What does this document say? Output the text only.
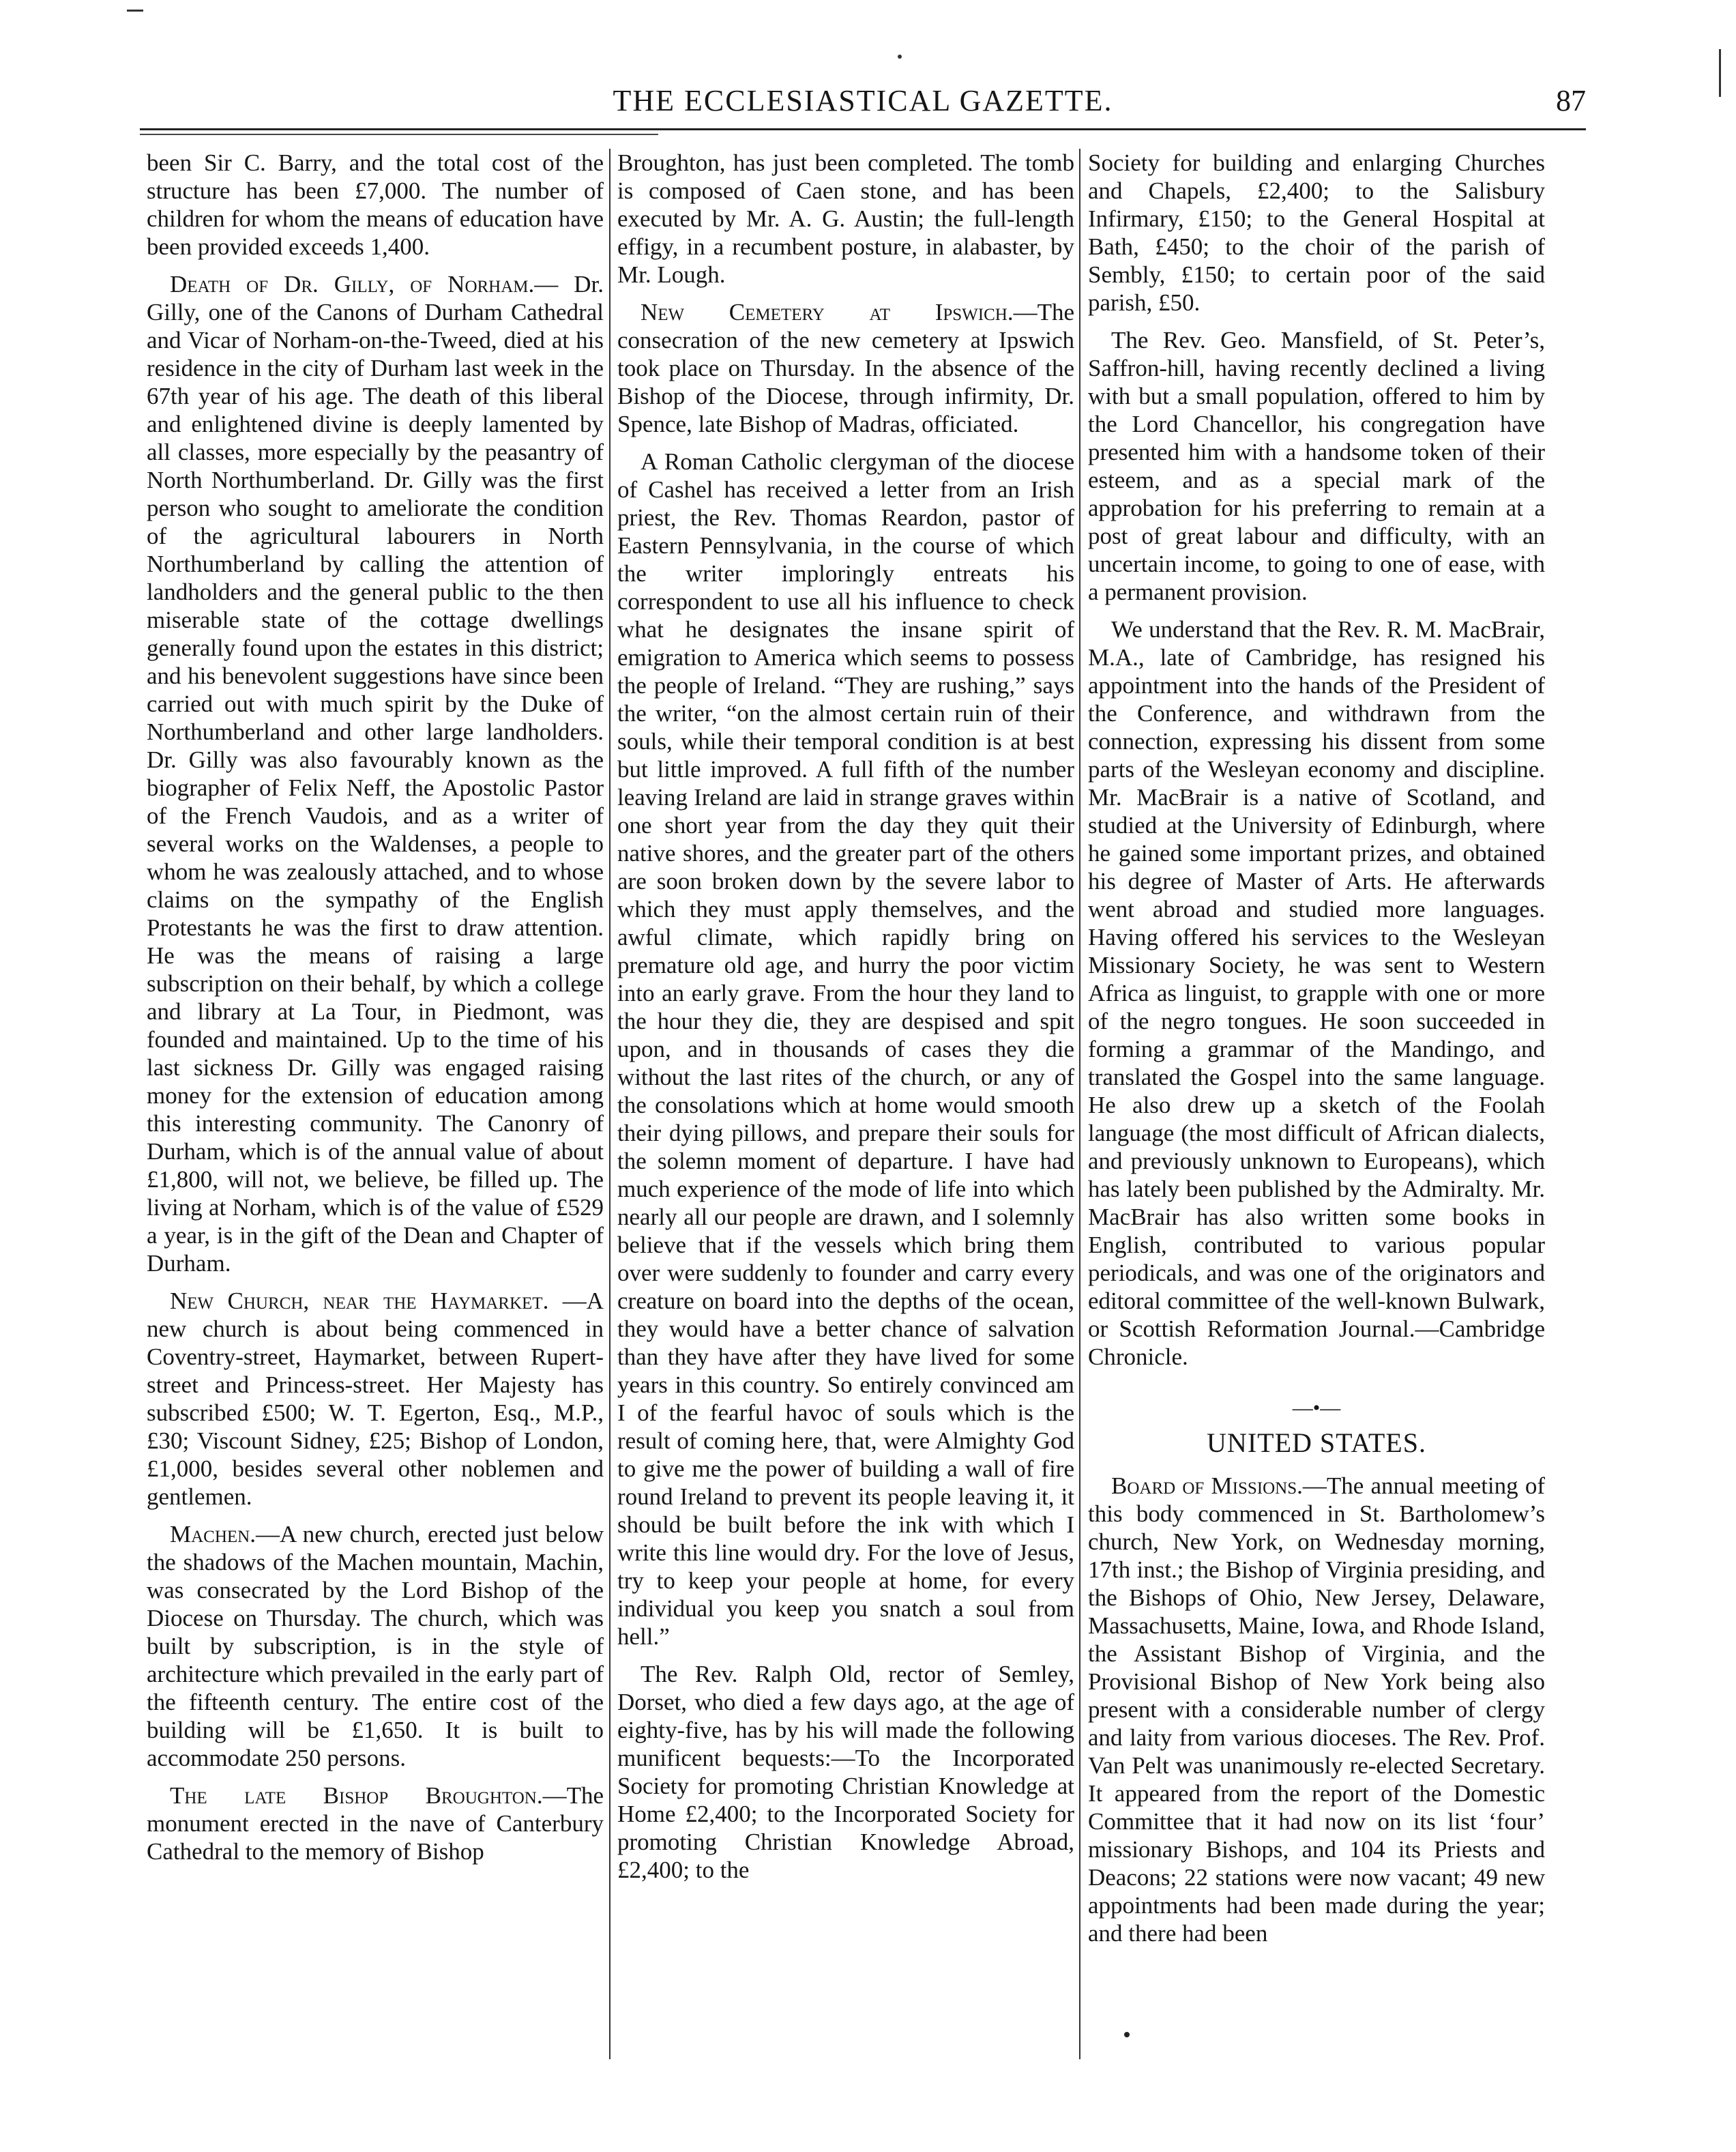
THE ECCLESIASTICAL GAZETTE.	87

been Sir C. Barry, and the total cost of the structure has been £7,000. The number of children for whom the means of education have been provided exceeds 1,400.

Death of Dr. Gilly, of Norham.— Dr. Gilly, one of the Canons of Durham Cathedral and Vicar of Norham-on-the-Tweed, died at his residence in the city of Durham last week in the 67th year of his age. The death of this liberal and enlightened divine is deeply lamented by all classes, more especially by the peasantry of North Northumberland. Dr. Gilly was the first person who sought to ameliorate the condition of the agricultural labourers in North Northumberland by calling the attention of landholders and the general public to the then miserable state of the cottage dwellings generally found upon the estates in this district; and his benevolent suggestions have since been carried out with much spirit by the Duke of Northumberland and other large landholders. Dr. Gilly was also favourably known as the biographer of Felix Neff, the Apostolic Pastor of the French Vaudois, and as a writer of several works on the Waldenses, a people to whom he was zealously attached, and to whose claims on the sympathy of the English Protestants he was the first to draw attention. He was the means of raising a large subscription on their behalf, by which a college and library at La Tour, in Piedmont, was founded and maintained. Up to the time of his last sickness Dr. Gilly was engaged raising money for the extension of education among this interesting community. The Canonry of Durham, which is of the annual value of about £1,800, will not, we believe, be filled up. The living at Norham, which is of the value of £529 a year, is in the gift of the Dean and Chapter of Durham.

New Church, near the Haymarket. —A new church is about being commenced in Coventry-street, Haymarket, between Rupert-street and Princess-street. Her Majesty has subscribed £500; W. T. Egerton, Esq., M.P., £30; Viscount Sidney, £25; Bishop of London, £1,000, besides several other noblemen and gentlemen.

Machen.—A new church, erected just below the shadows of the Machen mountain, Machin, was consecrated by the Lord Bishop of the Diocese on Thursday. The church, which was built by subscription, is in the style of architecture which prevailed in the early part of the fifteenth century. The entire cost of the building will be £1,650. It is built to accommodate 250 persons.

The late Bishop Broughton.—The monument erected in the nave of Canterbury Cathedral to the memory of Bishop

Broughton, has just been completed. The tomb is composed of Caen stone, and has been executed by Mr. A. G. Austin; the full-length effigy, in a recumbent posture, in alabaster, by Mr. Lough.

New Cemetery at Ipswich.—The consecration of the new cemetery at Ipswich took place on Thursday. In the absence of the Bishop of the Diocese, through infirmity, Dr. Spence, late Bishop of Madras, officiated.

A Roman Catholic clergyman of the diocese of Cashel has received a letter from an Irish priest, the Rev. Thomas Reardon, pastor of Eastern Pennsylvania, in the course of which the writer imploringly entreats his correspondent to use all his influence to check what he designates the insane spirit of emigration to America which seems to possess the people of Ireland. “They are rushing,” says the writer, “on the almost certain ruin of their souls, while their temporal condition is at best but little improved. A full fifth of the number leaving Ireland are laid in strange graves within one short year from the day they quit their native shores, and the greater part of the others are soon broken down by the severe labor to which they must apply themselves, and the awful climate, which rapidly bring on premature old age, and hurry the poor victim into an early grave. From the hour they land to the hour they die, they are despised and spit upon, and in thousands of cases they die without the last rites of the church, or any of the consolations which at home would smooth their dying pillows, and prepare their souls for the solemn moment of departure. I have had much experience of the mode of life into which nearly all our people are drawn, and I solemnly believe that if the vessels which bring them over were suddenly to founder and carry every creature on board into the depths of the ocean, they would have a better chance of salvation than they have after they have lived for some years in this country. So entirely convinced am I of the fearful havoc of souls which is the result of coming here, that, were Almighty God to give me the power of building a wall of fire round Ireland to prevent its people leaving it, it should be built before the ink with which I write this line would dry. For the love of Jesus, try to keep your people at home, for every individual you keep you snatch a soul from hell.”

The Rev. Ralph Old, rector of Semley, Dorset, who died a few days ago, at the age of eighty-five, has by his will made the following munificent bequests:—To the Incorporated Society for promoting Christian Knowledge at Home £2,400; to the Incorporated Society for promoting Christian Knowledge Abroad, £2,400; to the

Society for building and enlarging Churches and Chapels, £2,400; to the Salisbury Infirmary, £150; to the General Hospital at Bath, £450; to the choir of the parish of Sembly, £150; to certain poor of the said parish, £50.

The Rev. Geo. Mansfield, of St. Peter’s, Saffron-hill, having recently declined a living with but a small population, offered to him by the Lord Chancellor, his congregation have presented him with a handsome token of their esteem, and as a special mark of the approbation for his preferring to remain at a post of great labour and difficulty, with an uncertain income, to going to one of ease, with a permanent provision.

We understand that the Rev. R. M. MacBrair, M.A., late of Cambridge, has resigned his appointment into the hands of the President of the Conference, and withdrawn from the connection, expressing his dissent from some parts of the Wesleyan economy and discipline. Mr. MacBrair is a native of Scotland, and studied at the University of Edinburgh, where he gained some important prizes, and obtained his degree of Master of Arts. He afterwards went abroad and studied more languages. Having offered his services to the Wesleyan Missionary Society, he was sent to Western Africa as linguist, to grapple with one or more of the negro tongues. He soon succeeded in forming a grammar of the Mandingo, and translated the Gospel into the same language. He also drew up a sketch of the Foolah language (the most difficult of African dialects, and previously unknown to Europeans), which has lately been published by the Admiralty. Mr. MacBrair has also written some books in English, contributed to various popular periodicals, and was one of the originators and editoral committee of the well-known Bulwark, or Scottish Reformation Journal.—Cambridge Chronicle.

—•—

UNITED STATES.

Board of Missions.—The annual meeting of this body commenced in St. Bartholomew’s church, New York, on Wednesday morning, 17th inst.; the Bishop of Virginia presiding, and the Bishops of Ohio, New Jersey, Delaware, Massachusetts, Maine, Iowa, and Rhode Island, the Assistant Bishop of Virginia, and the Provisional Bishop of New York being also present with a considerable number of clergy and laity from various dioceses. The Rev. Prof. Van Pelt was unanimously re-elected Secretary. It appeared from the report of the Domestic Committee that it had now on its list ‘four’ missionary Bishops, and 104 its Priests and Deacons; 22 stations were now vacant; 49 new appointments had been made during the year; and there had been
